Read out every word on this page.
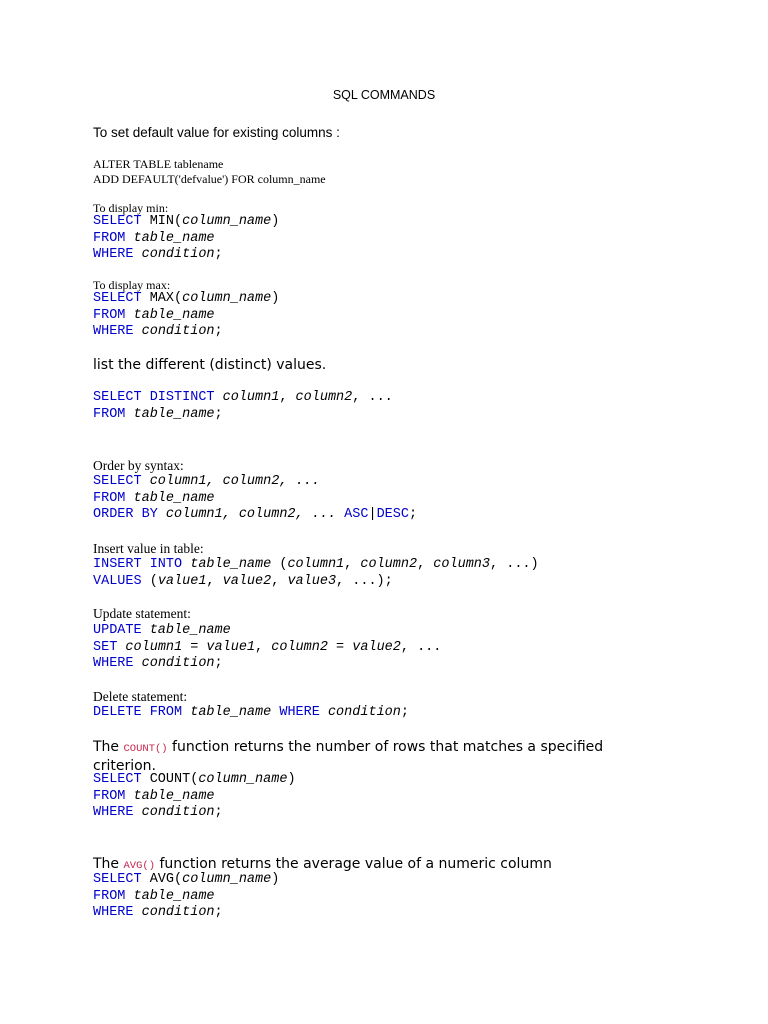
SQL COMMANDS
To set default value for existing columns :
ALTER TABLE tablename
ADD DEFAULT('defvalue') FOR column_name
To display min:
SELECT MIN(column_name)
FROM table_name
WHERE condition;
To display max:
SELECT MAX(column_name)
FROM table_name
WHERE condition;
list the different (distinct) values.
SELECT DISTINCT column1, column2, ...
FROM table_name;
Order by syntax:
SELECT column1, column2, ...
FROM table_name
ORDER BY column1, column2, ... ASC|DESC;
Insert value in table:
INSERT INTO table_name (column1, column2, column3, ...)
VALUES (value1, value2, value3, ...);
Update statement:
UPDATE table_name
SET column1 = value1, column2 = value2, ...
WHERE condition;
Delete statement:
DELETE FROM table_name WHERE condition;
The COUNT() function returns the number of rows that matches a specified
criterion.
SELECT COUNT(column_name)
FROM table_name
WHERE condition;
The AVG() function returns the average value of a numeric column
SELECT AVG(column_name)
FROM table_name
WHERE condition;
